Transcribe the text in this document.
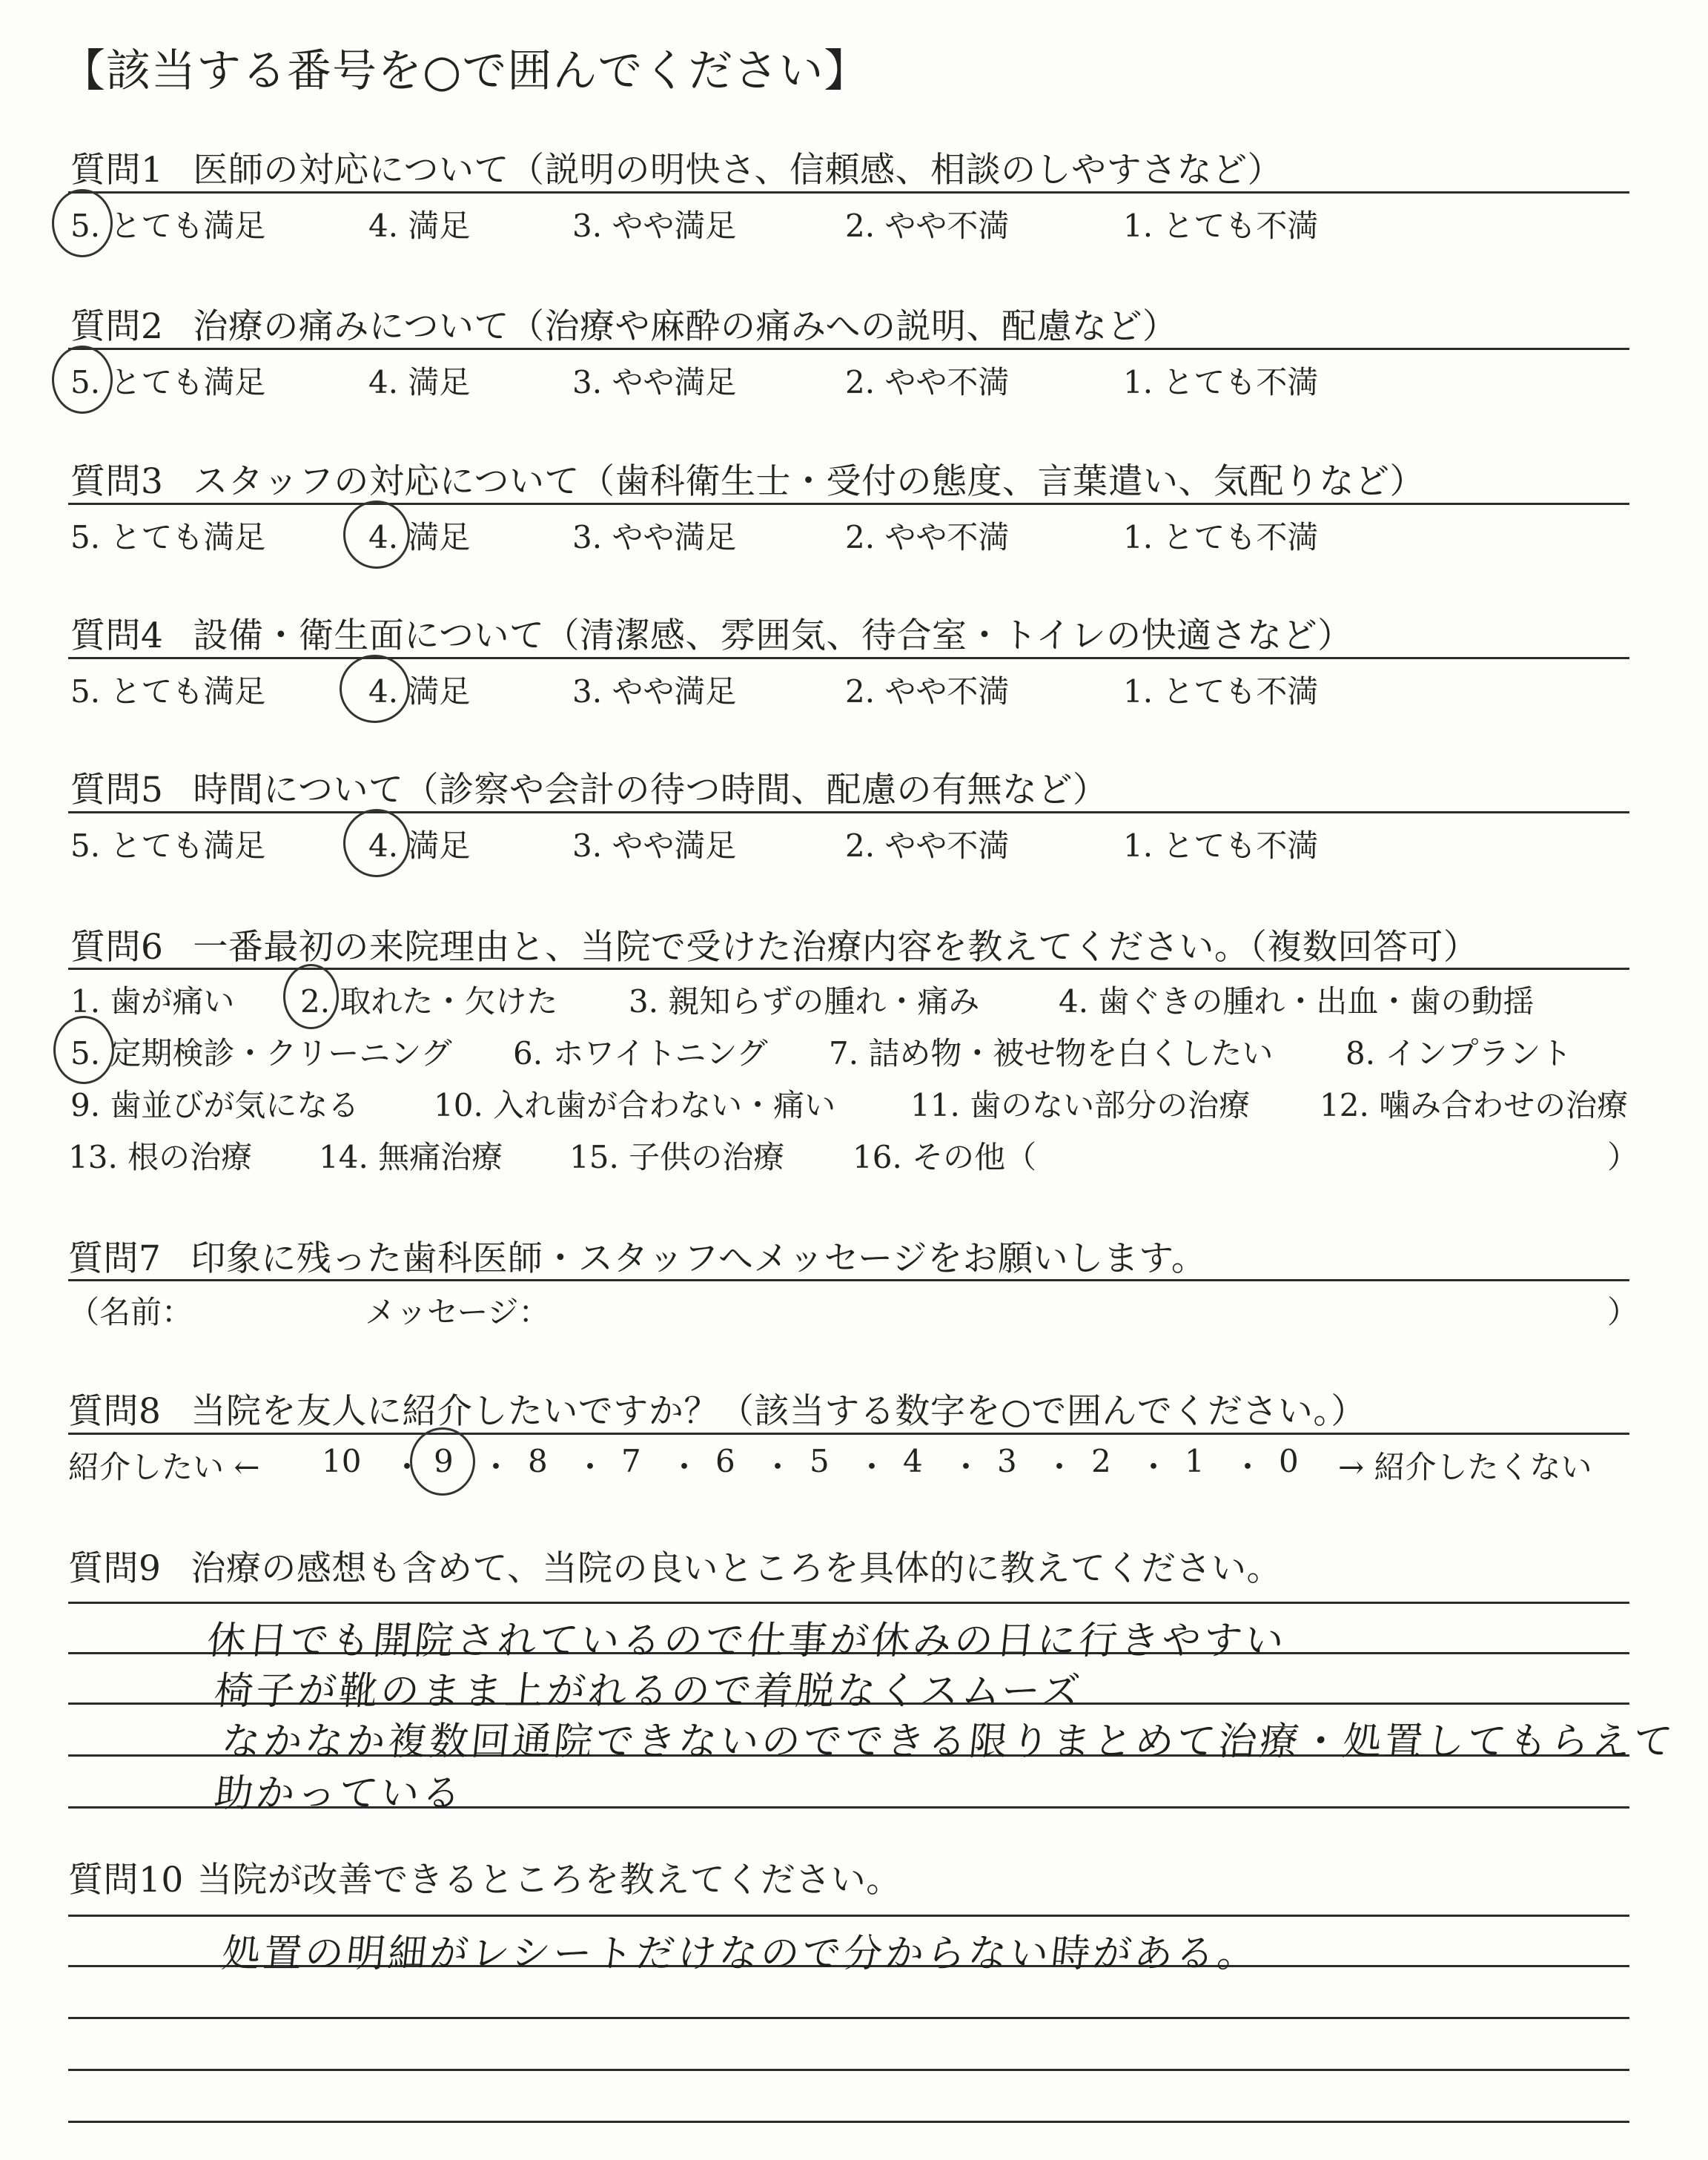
【該当する番号を○で囲んでください】
質問1 医師の対応について（説明の明快さ、信頼感、相談のしやすさなど）
5. とても満足	4. 満足	3. やや満足	2. やや不満	1. とても不満
質問2 治療の痛みについて（治療や麻酔の痛みへの説明、配慮など）
5. とても満足	4. 満足	3. やや満足	2. やや不満	1. とても不満
質問3 スタッフの対応について（歯科衛生士・受付の態度、言葉遣い、気配りなど）
5. とても満足	4. 満足	3. やや満足	2. やや不満	1. とても不満
質問4 設備・衛生面について（清潔感、雰囲気、待合室・トイレの快適さなど）
5. とても満足	4. 満足	3. やや満足	2. やや不満	1. とても不満
質問5 時間について（診察や会計の待つ時間、配慮の有無など）
5. とても満足	4. 満足	3. やや満足	2. やや不満	1. とても不満
質問6 一番最初の来院理由と、当院で受けた治療内容を教えてください。（複数回答可）
1. 歯が痛い 2. 取れた・欠けた 3. 親知らずの腫れ・痛み	4. 歯ぐきの腫れ・出血・歯の動揺
5. 定期検診・クリーニング 6. ホワイトニング 7. 詰め物・被せ物を白くしたい 8. インプラント
9. 歯並びが気になる 10. 入れ歯が合わない・痛い 11. 歯のない部分の治療 12. 噛み合わせの治療
13. 根の治療 14. 無痛治療 15. 子供の治療 16. その他（	）
質問7 印象に残った歯科医師・スタッフへメッセージをお願いします。
（名前：	メッセージ：	）
質問8 当院を友人に紹介したいですか？（該当する数字を○で囲んでください。）
紹介したい ← 10 ・ 9 ・ 8 ・ 7 ・ 6 ・ 5 ・ 4 ・ 3 ・ 2 ・ 1 ・ 0 → 紹介したくない
質問9 治療の感想も含めて、当院の良いところを具体的に教えてください。
休日でも開院されているので仕事が休みの日に行きやすい
椅子が靴のまま上がれるので着脱なくスムーズ
なかなか複数回通院できないのでできる限りまとめて治療・処置してもらえて
助かっている
質問10 当院が改善できるところを教えてください。
処置の明細がレシートだけなので分からない時がある。
